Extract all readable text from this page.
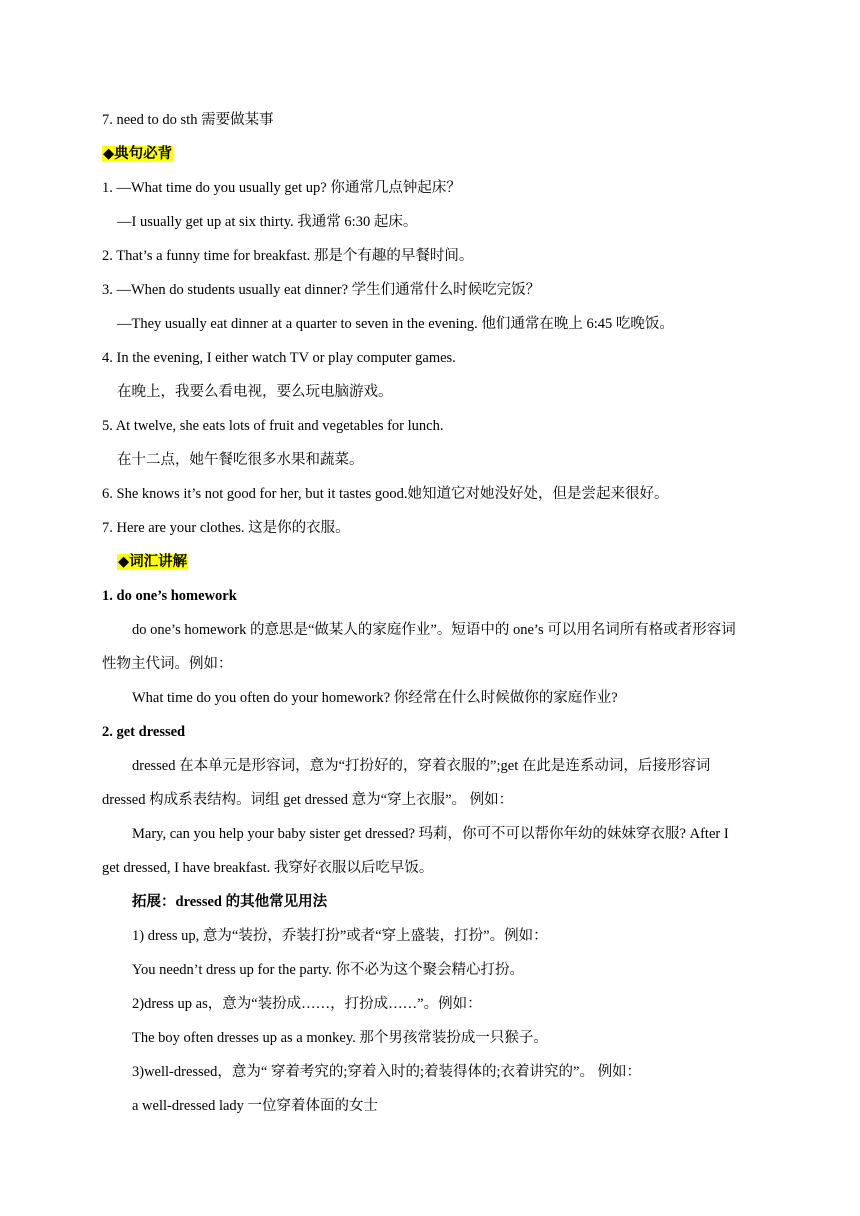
7. need to do sth 需要做某事
◆典句必背
1. —What time do you usually get up? 你通常几点钟起床？
—I usually get up at six thirty. 我通常 6:30 起床。
2. That’s a funny time for breakfast. 那是个有趣的早餐时间。
3. —When do students usually eat dinner? 学生们通常什么时候吃完饭？
—They usually eat dinner at a quarter to seven in the evening. 他们通常在晚上 6:45 吃晚饭。
4. In the evening, I either watch TV or play computer games.
在晚上，我要么看电视，要么玩电脑游戏。
5. At twelve, she eats lots of fruit and vegetables for lunch.
在十二点，她午餐吃很多水果和蔬菜。
6. She knows it’s not good for her, but it tastes good.她知道它对她没好处，但是尝起来很好。
7. Here are your clothes. 这是你的衣服。
◆词汇讲解
1. do one’s homework
do one’s homework 的意思是“做某人的家庭作业”。短语中的 one’s 可以用名词所有格或者形容词
性物主代词。例如：
What time do you often do your homework? 你经常在什么时候做你的家庭作业?
2. get dressed
dressed 在本单元是形容词，意为“打扮好的，穿着衣服的”;get 在此是连系动词，后接形容词
dressed 构成系表结构。词组 get dressed 意为“穿上衣服”。 例如：
Mary, can you help your baby sister get dressed? 玛莉，你可不可以帮你年幼的妹妹穿衣服? After I
get dressed, I have breakfast. 我穿好衣服以后吃早饭。
拓展：dressed 的其他常见用法
1) dress up, 意为“装扮，乔装打扮”或者“穿上盛装，打扮”。例如：
You needn’t dress up for the party. 你不必为这个聚会精心打扮。
2)dress up as，意为“装扮成……，打扮成……”。例如：
The boy often dresses up as a monkey. 那个男孩常装扮成一只猴子。
3)well-dressed，意为“ 穿着考究的;穿着入时的;着装得体的;衣着讲究的”。 例如：
a well-dressed lady 一位穿着体面的女士
